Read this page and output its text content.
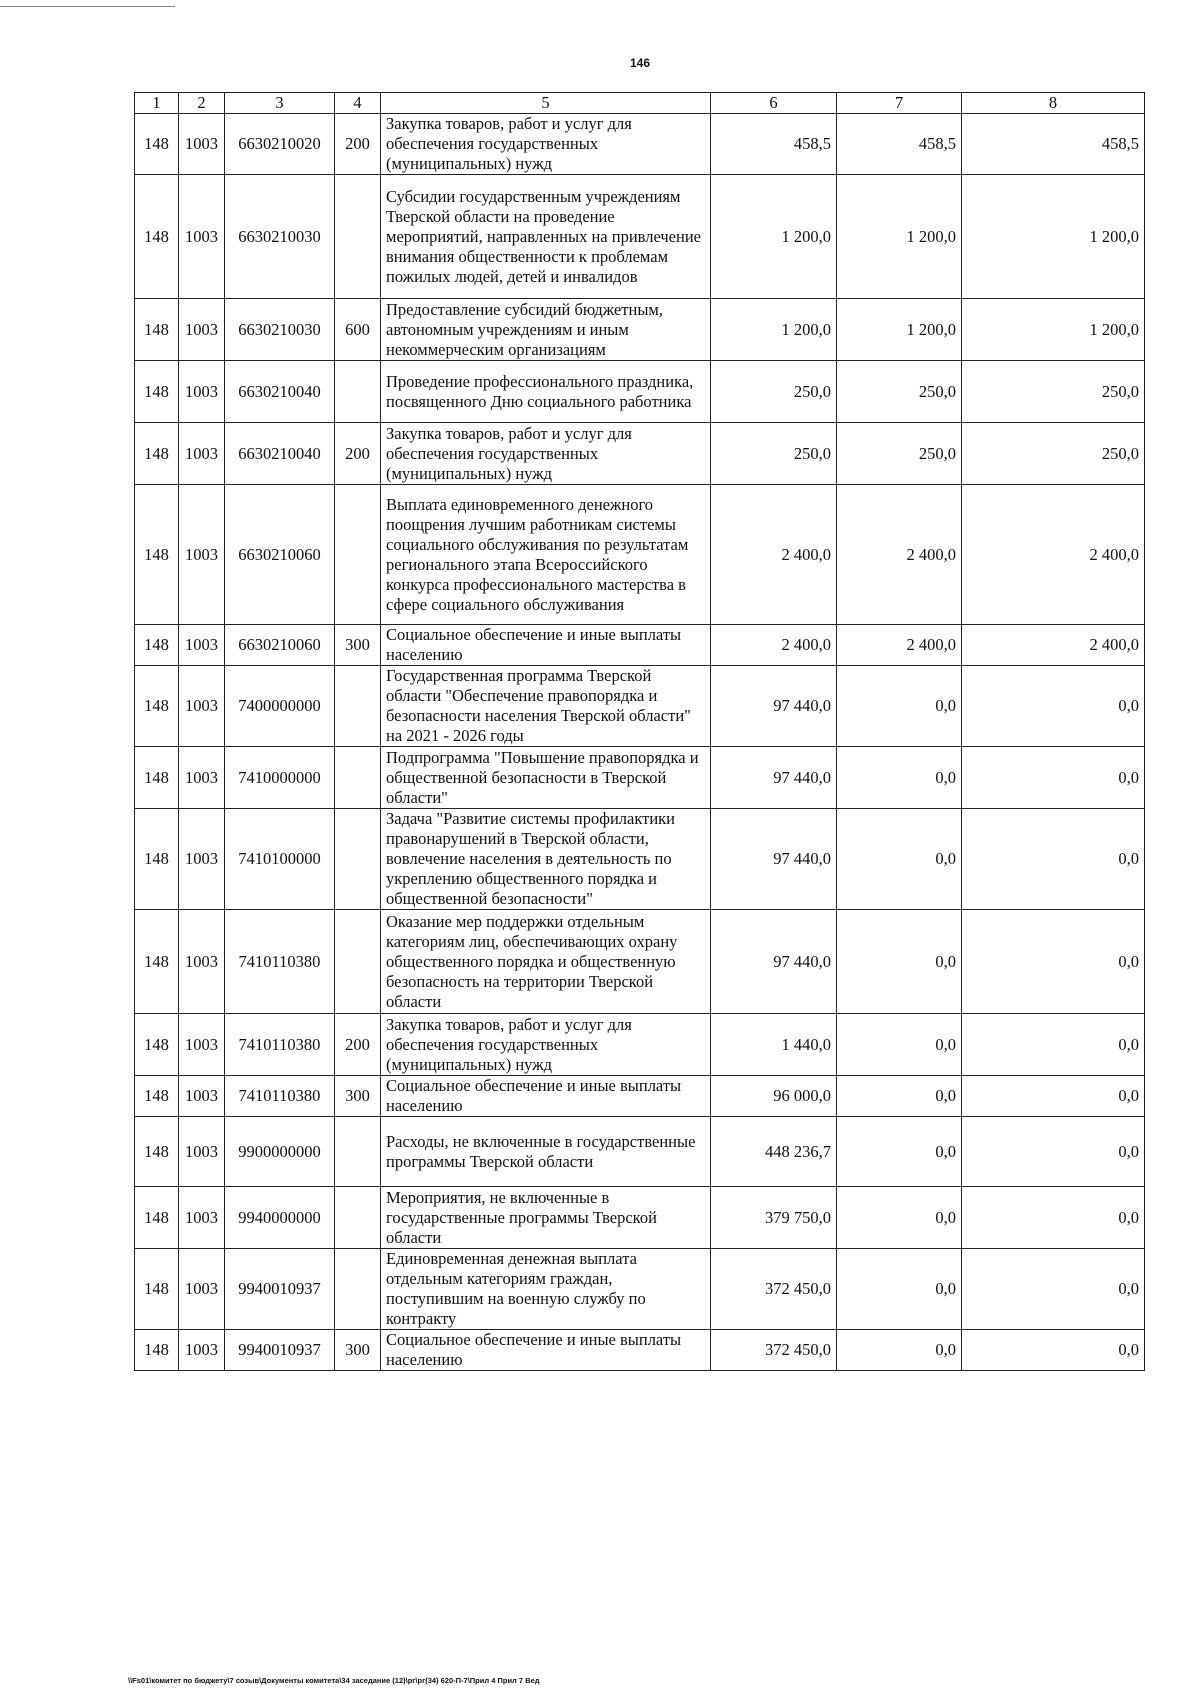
146
1	2	3	4	5	6	7	8
148	1003	6630210020	200	Закупка товаров, работ и услуг для обеспечения государственных (муниципальных) нужд	458,5	458,5	458,5
148	1003	6630210030		Субсидии государственным учреждениям Тверской области на проведение мероприятий, направленных на привлечение внимания общественности к проблемам пожилых людей, детей и инвалидов	1 200,0	1 200,0	1 200,0
148	1003	6630210030	600	Предоставление субсидий бюджетным, автономным учреждениям и иным некоммерческим организациям	1 200,0	1 200,0	1 200,0
148	1003	6630210040		Проведение профессионального праздника, посвященного Дню социального работника	250,0	250,0	250,0
148	1003	6630210040	200	Закупка товаров, работ и услуг для обеспечения государственных (муниципальных) нужд	250,0	250,0	250,0
148	1003	6630210060		Выплата единовременного денежного поощрения лучшим работникам системы социального обслуживания по результатам регионального этапа Всероссийского конкурса профессионального мастерства в сфере социального обслуживания	2 400,0	2 400,0	2 400,0
148	1003	6630210060	300	Социальное обеспечение и иные выплаты населению	2 400,0	2 400,0	2 400,0
148	1003	7400000000		Государственная программа Тверской области "Обеспечение правопорядка и безопасности населения Тверской области" на 2021 - 2026 годы	97 440,0	0,0	0,0
148	1003	7410000000		Подпрограмма "Повышение правопорядка и общественной безопасности в Тверской области"	97 440,0	0,0	0,0
148	1003	7410100000		Задача "Развитие системы профилактики правонарушений в Тверской области, вовлечение населения в деятельность по укреплению общественного порядка и общественной безопасности"	97 440,0	0,0	0,0
148	1003	7410110380		Оказание мер поддержки отдельным категориям лиц, обеспечивающих охрану общественного порядка и общественную безопасность на территории Тверской области	97 440,0	0,0	0,0
148	1003	7410110380	200	Закупка товаров, работ и услуг для обеспечения государственных (муниципальных) нужд	1 440,0	0,0	0,0
148	1003	7410110380	300	Социальное обеспечение и иные выплаты населению	96 000,0	0,0	0,0
148	1003	9900000000		Расходы, не включенные в государственные программы Тверской области	448 236,7	0,0	0,0
148	1003	9940000000		Мероприятия, не включенные в государственные программы Тверской области	379 750,0	0,0	0,0
148	1003	9940010937		Единовременная денежная выплата отдельным категориям граждан, поступившим на военную службу по контракту	372 450,0	0,0	0,0
148	1003	9940010937	300	Социальное обеспечение и иные выплаты населению	372 450,0	0,0	0,0
\\Fs01\комитет по бюджету\7 созыв\Документы комитета\34 заседание (12)\рг\рг(34) 620-П-7\Прил 4 Прил 7 Вед
